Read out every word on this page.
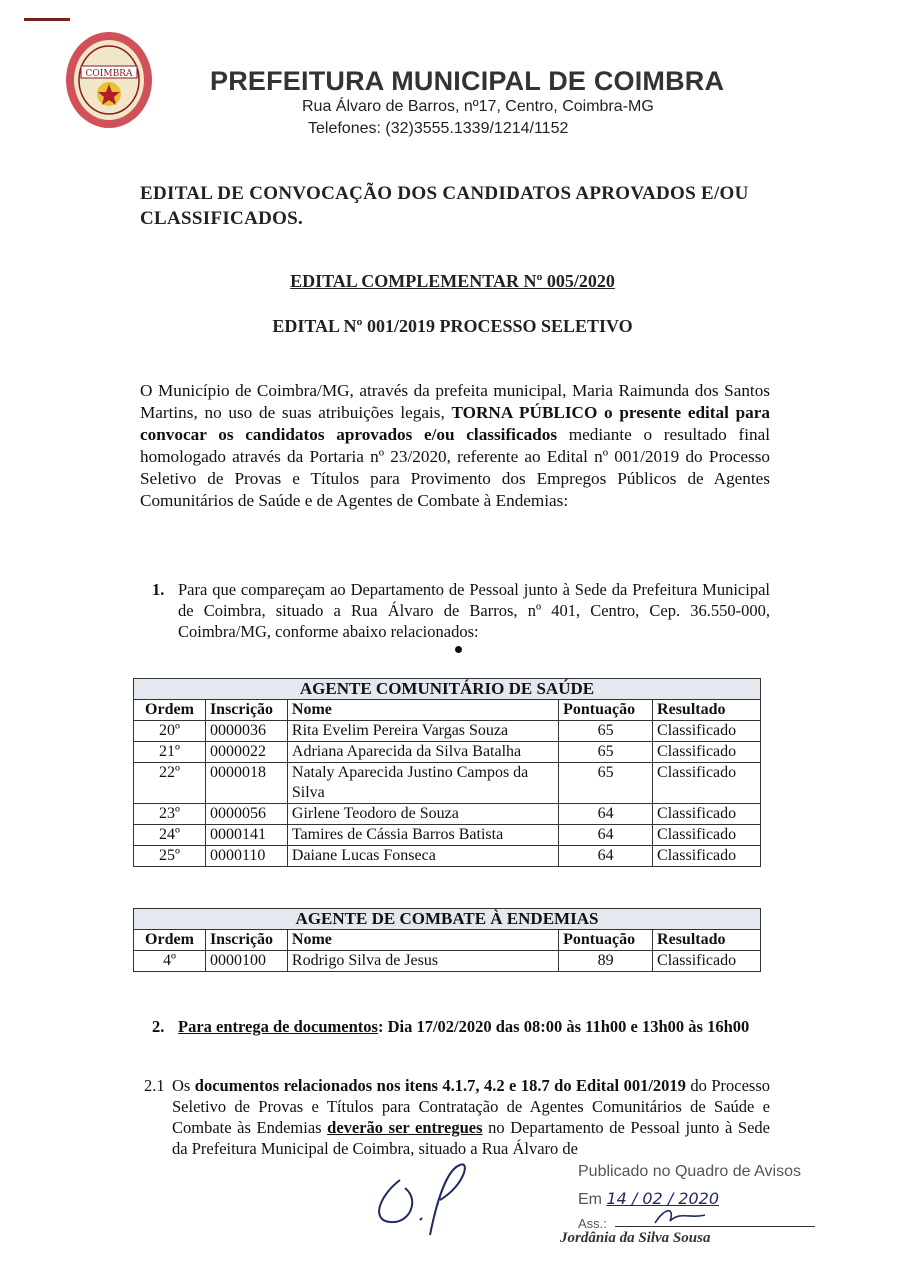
COIMBRA	PREFEITURA MUNICIPAL DE COIMBRA
Rua Álvaro de Barros, nº17, Centro, Coimbra-MG
Telefones: (32)3555.1339/1214/1152
EDITAL DE CONVOCAÇÃO DOS CANDIDATOS APROVADOS E/OU CLASSIFICADOS.
EDITAL COMPLEMENTAR Nº 005/2020
EDITAL Nº 001/2019 PROCESSO SELETIVO
O Município de Coimbra/MG, através da prefeita municipal, Maria Raimunda dos Santos Martins, no uso de suas atribuições legais, TORNA PÚBLICO o presente edital para convocar os candidatos aprovados e/ou classificados mediante o resultado final homologado através da Portaria nº 23/2020, referente ao Edital nº 001/2019 do Processo Seletivo de Provas e Títulos para Provimento dos Empregos Públicos de Agentes Comunitários de Saúde e de Agentes de Combate à Endemias:
1. Para que compareçam ao Departamento de Pessoal junto à Sede da Prefeitura Municipal de Coimbra, situado a Rua Álvaro de Barros, nº 401, Centro, Cep. 36.550-000, Coimbra/MG, conforme abaixo relacionados:
AGENTE COMUNITÁRIO DE SAÚDE				
Ordem	Inscrição	Nome	Pontuação	Resultado
20º	0000036	Rita Evelim Pereira Vargas Souza	65	Classificado
21º	0000022	Adriana Aparecida da Silva Batalha	65	Classificado
22º	0000018	Nataly Aparecida Justino Campos da Silva	65	Classificado
23º	0000056	Girlene Teodoro de Souza	64	Classificado
24º	0000141	Tamires de Cássia Barros Batista	64	Classificado
25º	0000110	Daiane Lucas Fonseca	64	Classificado
AGENTE DE COMBATE À ENDEMIAS				
Ordem	Inscrição	Nome	Pontuação	Resultado
4º	0000100	Rodrigo Silva de Jesus	89	Classificado
2. Para entrega de documentos: Dia 17/02/2020 das 08:00 às 11h00 e 13h00 às 16h00
2.1 Os documentos relacionados nos itens 4.1.7, 4.2 e 18.7 do Edital 001/2019 do Processo Seletivo de Provas e Títulos para Contratação de Agentes Comunitários de Saúde e Combate às Endemias deverão ser entregues no Departamento de Pessoal junto à Sede da Prefeitura Municipal de Coimbra, situado a Rua Álvaro de
Publicado no Quadro de Avisos
Em 14 / 02 / 2020
Ass.:
Jordânia da Silva Sousa
